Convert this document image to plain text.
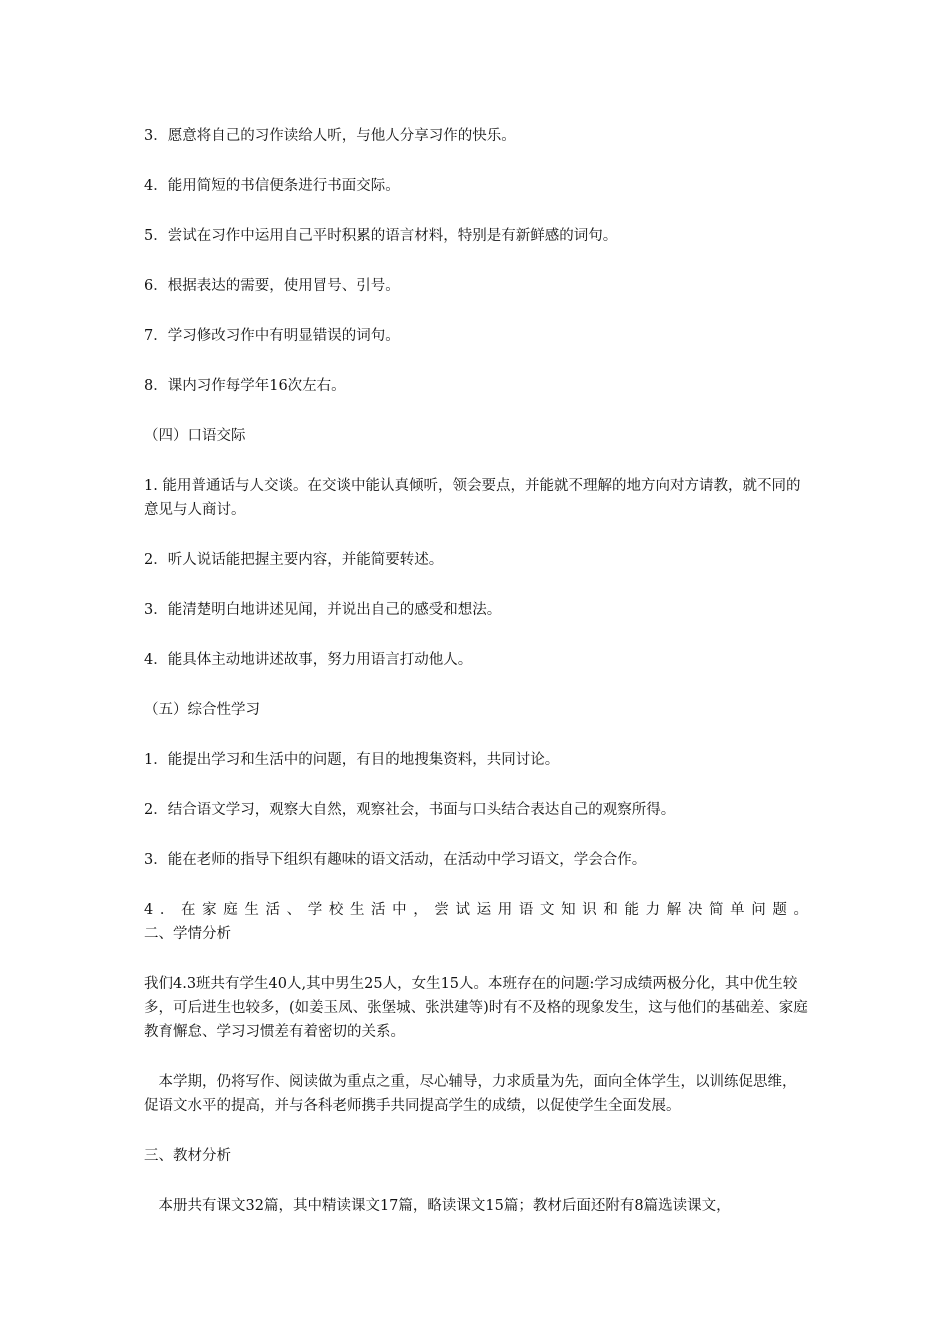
3．愿意将自己的习作读给人听，与他人分享习作的快乐。

4．能用简短的书信便条进行书面交际。

5．尝试在习作中运用自己平时积累的语言材料，特别是有新鲜感的词句。

6．根据表达的需要，使用冒号、引号。

7．学习修改习作中有明显错误的词句。

8．课内习作每学年16次左右。

（四）口语交际

1. 能用普通话与人交谈。在交谈中能认真倾听，领会要点，并能就不理解的地方向对方请教，就不同的意见与人商讨。

2．听人说话能把握主要内容，并能简要转述。

3．能清楚明白地讲述见闻，并说出自己的感受和想法。

4．能具体主动地讲述故事，努力用语言打动他人。

（五）综合性学习

1．能提出学习和生活中的问题，有目的地搜集资料，共同讨论。

2．结合语文学习，观察大自然，观察社会，书面与口头结合表达自己的观察所得。

3．能在老师的指导下组织有趣味的语文活动，在活动中学习语文，学会合作。

4．在家庭生活、学校生活中，尝试运用语文知识和能力解决简单问题。

二、学情分析

我们4.3班共有学生40人,其中男生25人，女生15人。本班存在的问题:学习成绩两极分化，其中优生较多，可后进生也较多，(如姜玉凤、张堡城、张洪建等)时有不及格的现象发生，这与他们的基础差、家庭教育懈怠、学习习惯差有着密切的关系。

本学期，仍将写作、阅读做为重点之重，尽心辅导，力求质量为先，面向全体学生，以训练促思维，促语文水平的提高，并与各科老师携手共同提高学生的成绩，以促使学生全面发展。

三、教材分析

本册共有课文32篇，其中精读课文17篇，略读课文15篇；教材后面还附有8篇选读课文，
